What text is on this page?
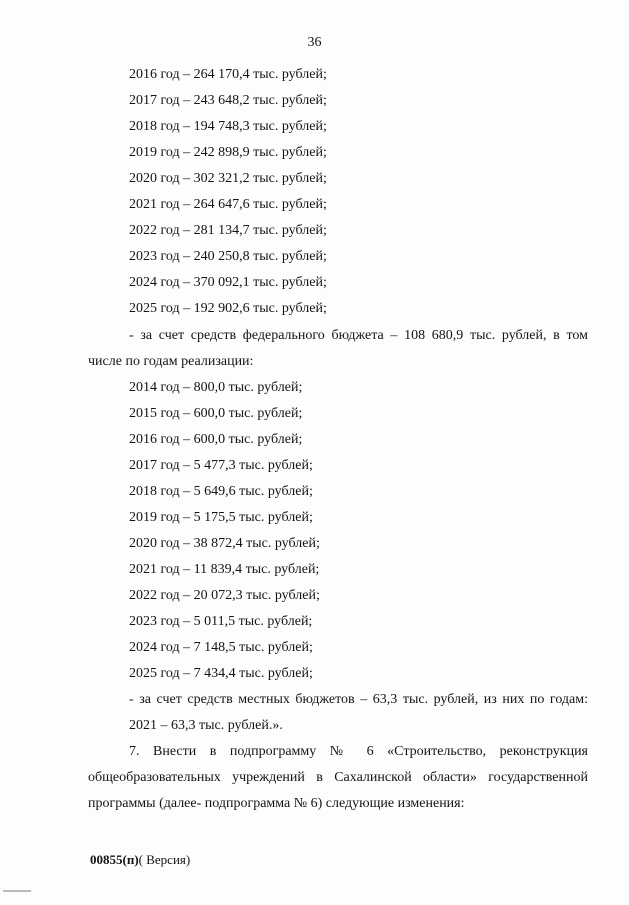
36
2016 год – 264 170,4 тыс. рублей;
2017 год – 243 648,2 тыс. рублей;
2018 год – 194 748,3 тыс. рублей;
2019 год – 242 898,9 тыс. рублей;
2020 год – 302 321,2 тыс. рублей;
2021 год – 264 647,6 тыс. рублей;
2022 год – 281 134,7 тыс. рублей;
2023 год – 240 250,8 тыс. рублей;
2024 год – 370 092,1 тыс. рублей;
2025 год – 192 902,6 тыс. рублей;
- за счет средств федерального бюджета – 108 680,9 тыс. рублей, в том
числе по годам реализации:
2014 год – 800,0 тыс. рублей;
2015 год – 600,0 тыс. рублей;
2016 год – 600,0 тыс. рублей;
2017 год – 5 477,3 тыс. рублей;
2018 год – 5 649,6 тыс. рублей;
2019 год – 5 175,5 тыс. рублей;
2020 год – 38 872,4 тыс. рублей;
2021 год – 11 839,4 тыс. рублей;
2022 год – 20 072,3 тыс. рублей;
2023 год – 5 011,5 тыс. рублей;
2024 год – 7 148,5 тыс. рублей;
2025 год – 7 434,4 тыс. рублей;
- за счет средств местных бюджетов – 63,3 тыс. рублей, из них по годам:
2021 – 63,3 тыс. рублей.».
7. Внести в подпрограмму № 6 «Строительство, реконструкция
общеобразовательных учреждений в Сахалинской области» государственной
программы (далее- подпрограмма № 6) следующие изменения:
00855(п)( Версия)
